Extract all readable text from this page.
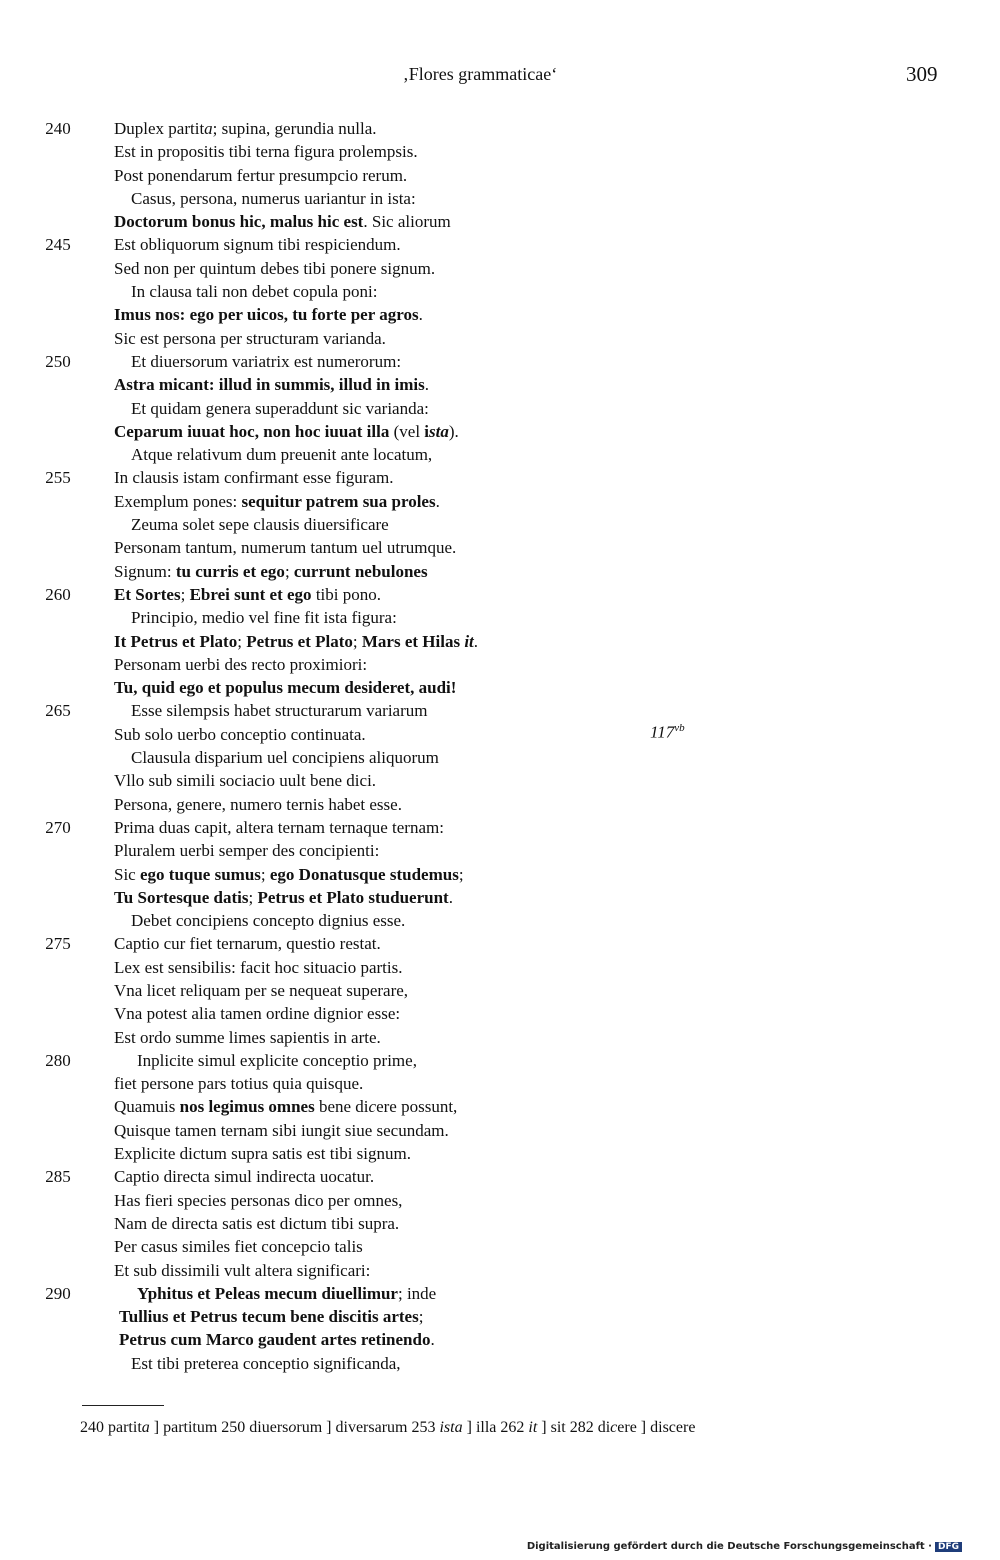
‚Flores grammaticae‘	309
240	Duplex partita; supina, gerundia nulla.
Est in propositis tibi terna figura prolempsis.
Post ponendarum fertur presumpcio rerum.
Casus, persona, numerus uariantur in ista:
Doctorum bonus hic, malus hic est. Sic aliorum
245	Est obliquorum signum tibi respiciendum.
Sed non per quintum debes tibi ponere signum.
In clausa tali non debet copula poni:
Imus nos: ego per uicos, tu forte per agros.
Sic est persona per structuram varianda.
250	Et diuersorum variatrix est numerorum:
Astra micant: illud in summis, illud in imis.
Et quidam genera superaddunt sic varianda:
Ceparum iuuat hoc, non hoc iuuat illa (vel ista).
Atque relativum dum preuenit ante locatum,
255	In clausis istam confirmant esse figuram.
Exemplum pones: sequitur patrem sua proles.
Zeuma solet sepe clausis diuersificare
Personam tantum, numerum tantum uel utrumque.
Signum: tu curris et ego; currunt nebulones
260	Et Sortes; Ebrei sunt et ego tibi pono.
Principio, medio vel fine fit ista figura:
It Petrus et Plato; Petrus et Plato; Mars et Hilas it.
Personam uerbi des recto proximiori:
Tu, quid ego et populus mecum desideret, audi!
265	Esse silempsis habet structurarum variarum
Sub solo uerbo conceptio continuata.
Clausula disparium uel concipiens aliquorum
Vllo sub simili sociacio uult bene dici.
Persona, genere, numero ternis habet esse.
270	Prima duas capit, altera ternam ternaque ternam:
Pluralem uerbi semper des concipienti:
Sic ego tuque sumus; ego Donatusque studemus;
Tu Sortesque datis; Petrus et Plato studuerunt.
Debet concipiens concepto dignius esse.
275	Captio cur fiet ternarum, questio restat.
Lex est sensibilis: facit hoc situacio partis.
Vna licet reliquam per se nequeat superare,
Vna potest alia tamen ordine dignior esse:
Est ordo summe limes sapientis in arte.
280	Inplicite simul explicite conceptio prime,
fiet persone pars totius quia quisque.
Quamuis nos legimus omnes bene dicere possunt,
Quisque tamen ternam sibi iungit siue secundam.
Explicite dictum supra satis est tibi signum.
285	Captio directa simul indirecta uocatur.
Has fieri species personas dico per omnes,
Nam de directa satis est dictum tibi supra.
Per casus similes fiet concepcio talis
Et sub dissimili vult altera significari:
290	Yphitus et Peleas mecum diuellimur; inde
Tullius et Petrus tecum bene discitis artes;
Petrus cum Marco gaudent artes retinendo.
Est tibi preterea conceptio significanda,
$117^{vb}$
240 partita ] partitum 250 diuersorum ] diversarum 253 ista ] illa 262 it ] sit 282 dicere ] discere
Digitalisierung gefördert durch die Deutsche Forschungsgemeinschaft · DFG
